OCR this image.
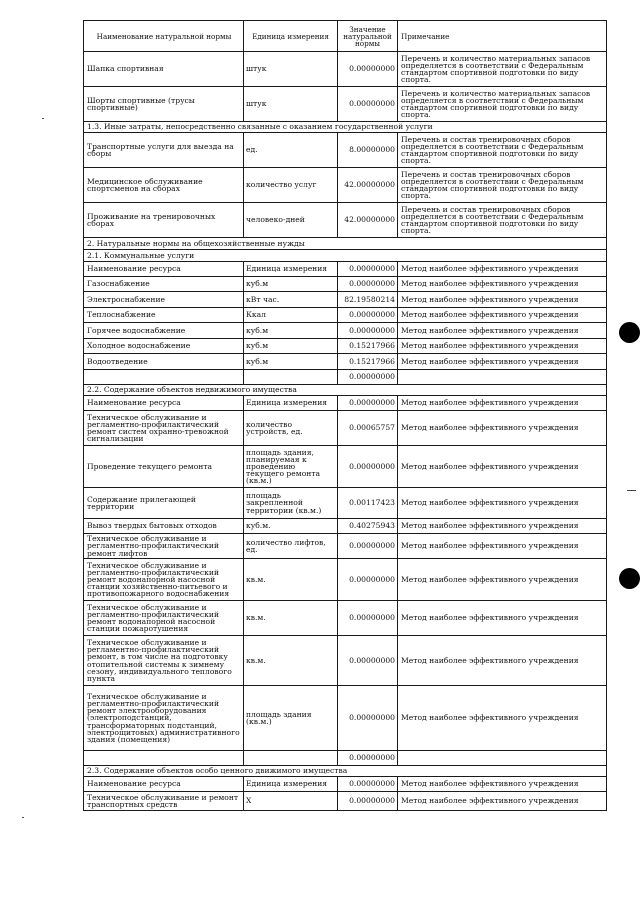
Наименование натуральной нормы	Единица измерения	Значение натуральной нормы	Примечание
Шапка спортивная	штук	0.00000000	Перечень и количество материальных запасов определяется в соответствии с Федеральным стандартом спортивной подготовки по виду спорта.
Шорты спортивные (трусы спортивные)	штук	0.00000000	Перечень и количество материальных запасов определяется в соответствии с Федеральным стандартом спортивной подготовки по виду спорта.
1.3. Иные затраты, непосредственно связанные с оказанием государственной услуги			
Транспортные услуги для выезда на сборы	ед.	8.00000000	Перечень и состав тренировочных сборов определяется в соответствии с Федеральным стандартом спортивной подготовки по виду спорта.
Медицинское обслуживание спортсменов на сборах	количество услуг	42.00000000	Перечень и состав тренировочных сборов определяется в соответствии с Федеральным стандартом спортивной подготовки по виду спорта.
Проживание на тренировочных сборах	человеко-дней	42.00000000	Перечень и состав тренировочных сборов определяется в соответствии с Федеральным стандартом спортивной подготовки по виду спорта.
2. Натуральные нормы на общехозяйственные нужды			
2.1. Коммунальные услуги			
Наименование ресурса	Единица измерения	0.00000000	Метод наиболее эффективного учреждения
Газоснабжение	куб.м	0.00000000	Метод наиболее эффективного учреждения
Электроснабжение	кВт час.	82.19580214	Метод наиболее эффективного учреждения
Теплоснабжение	Ккал	0.00000000	Метод наиболее эффективного учреждения
Горячее водоснабжение	куб.м	0.00000000	Метод наиболее эффективного учреждения
Холодное водоснабжение	куб.м	0.15217966	Метод наиболее эффективного учреждения
Водоотведение	куб.м	0.15217966	Метод наиболее эффективного учреждения
		0.00000000	
2.2. Содержание объектов недвижимого имущества			
Наименование ресурса	Единица измерения	0.00000000	Метод наиболее эффективного учреждения
Техническое обслуживание и регламентно-профилактический ремонт систем охранно-тревожной сигнализации	количество устройств, ед.	0.00065757	Метод наиболее эффективного учреждения
Проведение текущего ремонта	площадь здания, планируемая к проведению текущего ремонта (кв.м.)	0.00000000	Метод наиболее эффективного учреждения
Содержание прилегающей территории	площадь закрепленной территории (кв.м.)	0.00117423	Метод наиболее эффективного учреждения
Вывоз твердых бытовых отходов	куб.м.	0.40275943	Метод наиболее эффективного учреждения
Техническое обслуживание и регламентно-профилактический ремонт лифтов	количество лифтов, ед.	0.00000000	Метод наиболее эффективного учреждения
Техническое обслуживание и регламентно-профилактический ремонт водонапорной насосной станции хозяйственно-питьевого и противопожарного водоснабжения	кв.м.	0.00000000	Метод наиболее эффективного учреждения
Техническое обслуживание и регламентно-профилактический ремонт водонапорной насосной станции пожаротушения	кв.м.	0.00000000	Метод наиболее эффективного учреждения
Техническое обслуживание и регламентно-профилактический ремонт, в том числе на подготовку отопительной системы к зимнему сезону, индивидуального теплового пункта	кв.м.	0.00000000	Метод наиболее эффективного учреждения
Техническое обслуживание и регламентно-профилактический ремонт электрооборудования (электроподстанций, трансформаторных подстанций, электрощитовых) административного здания (помещения)	площадь здания (кв.м.)	0.00000000	Метод наиболее эффективного учреждения
		0.00000000	
2.3. Содержание объектов особо ценного движимого имущества			
Наименование ресурса	Единица измерения	0.00000000	Метод наиболее эффективного учреждения
Техническое обслуживание и ремонт транспортных средств	Х	0.00000000	Метод наиболее эффективного учреждения
